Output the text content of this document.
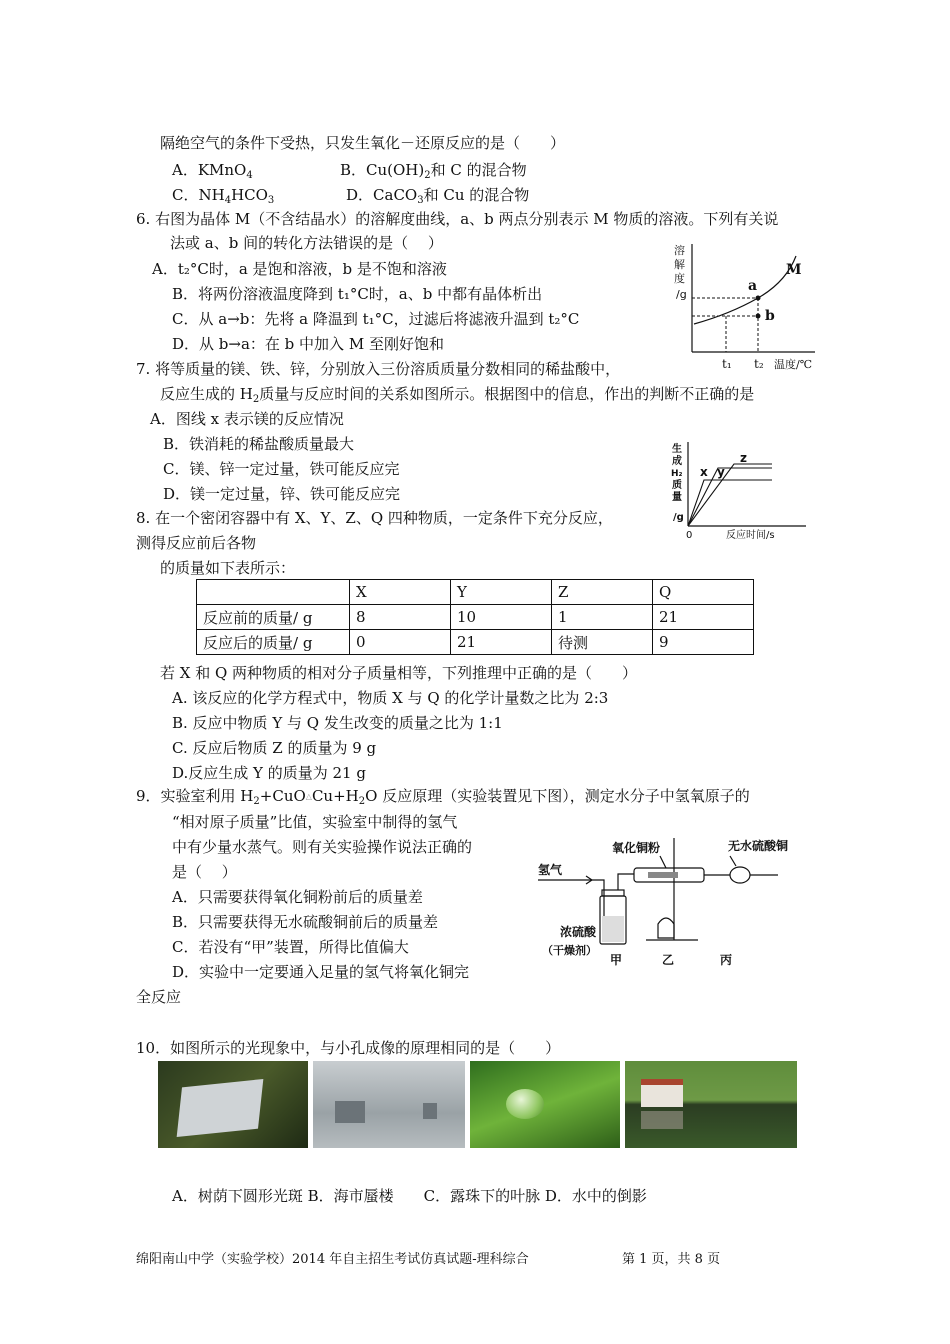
隔绝空气的条件下受热，只发生氧化－还原反应的是（　　）
A．KMnO$_4$	B．$Cu(OH)_2$和 C 的混合物
C．$NH_4HCO_3$	D．CaCO$_3$和 Cu 的混合物
6. 右图为晶体 M（不含结晶水）的溶解度曲线，a、b 两点分别表示 M 物质的溶液。下列有关说
法或 a、b 间的转化方法错误的是（　 ）
A．t₂°C时，a 是饱和溶液，b 是不饱和溶液
B．将两份溶液温度降到 t₁°C时，a、b 中都有晶体析出
C．从 a→b：先将 a 降温到 t₁°C，过滤后将滤液升温到 t₂°C
D．从 b→a：在 b 中加入 M 至刚好饱和
溶
解
度
/g
M
a
b
t₁ t₂ 温度/℃
7. 将等质量的镁、铁、锌，分别放入三份溶质质量分数相同的稀盐酸中，
反应生成的 $H_2$质量与反应时间的关系如图所示。根据图中的信息，作出的判断不正确的是
A．图线 x 表示镁的反应情况
B．铁消耗的稀盐酸质量最大
C．镁、锌一定过量，铁可能反应完
D．镁一定过量，锌、铁可能反应完
生
成
H₂
质
量
/g
x y
z
0	反应时间/s
8. 在一个密闭容器中有 X、Y、Z、Q 四种物质，一定条件下充分反应，
测得反应前后各物
的质量如下表所示：
	X	Y	Z	Q
反应前的质量/ g	8	10	1	21
反应后的质量/ g	0	21	待测	9
若 X 和 Q 两种物质的相对分子质量相等，下列推理中正确的是（　　）
A. 该反应的化学方程式中，物质 X 与 Q 的化学计量数之比为 2:3
B. 反应中物质 Y 与 Q 发生改变的质量之比为 1:1
C. 反应后物质 Z 的质量为 9 g
D.反应生成 Y 的质量为 21 g
9．实验室利用 $H_2+CuO\triangle Cu+H_2O$ 反应原理（实验装置见下图），测定水分子中氢氧原子的
“相对原子质量”比值，实验室中制得的氢气
中有少量水蒸气。则有关实验操作说法正确的
是（　 ）
A．只需要获得氧化铜粉前后的质量差
B．只需要获得无水硫酸铜前后的质量差
C．若没有“甲”装置，所得比值偏大
D．实验中一定要通入足量的氢气将氧化铜完
全反应
氧化铜粉	无水硫酸铜
氢气
浓硫酸
（干燥剂）
甲	乙	丙
10．如图所示的光现象中，与小孔成像的原理相同的是（　　）
A．树荫下圆形光斑 B．海市蜃楼　　C．露珠下的叶脉 D．水中的倒影
绵阳南山中学（实验学校）2014 年自主招生考试仿真试题-理科综合	第 1 页，共 8 页
